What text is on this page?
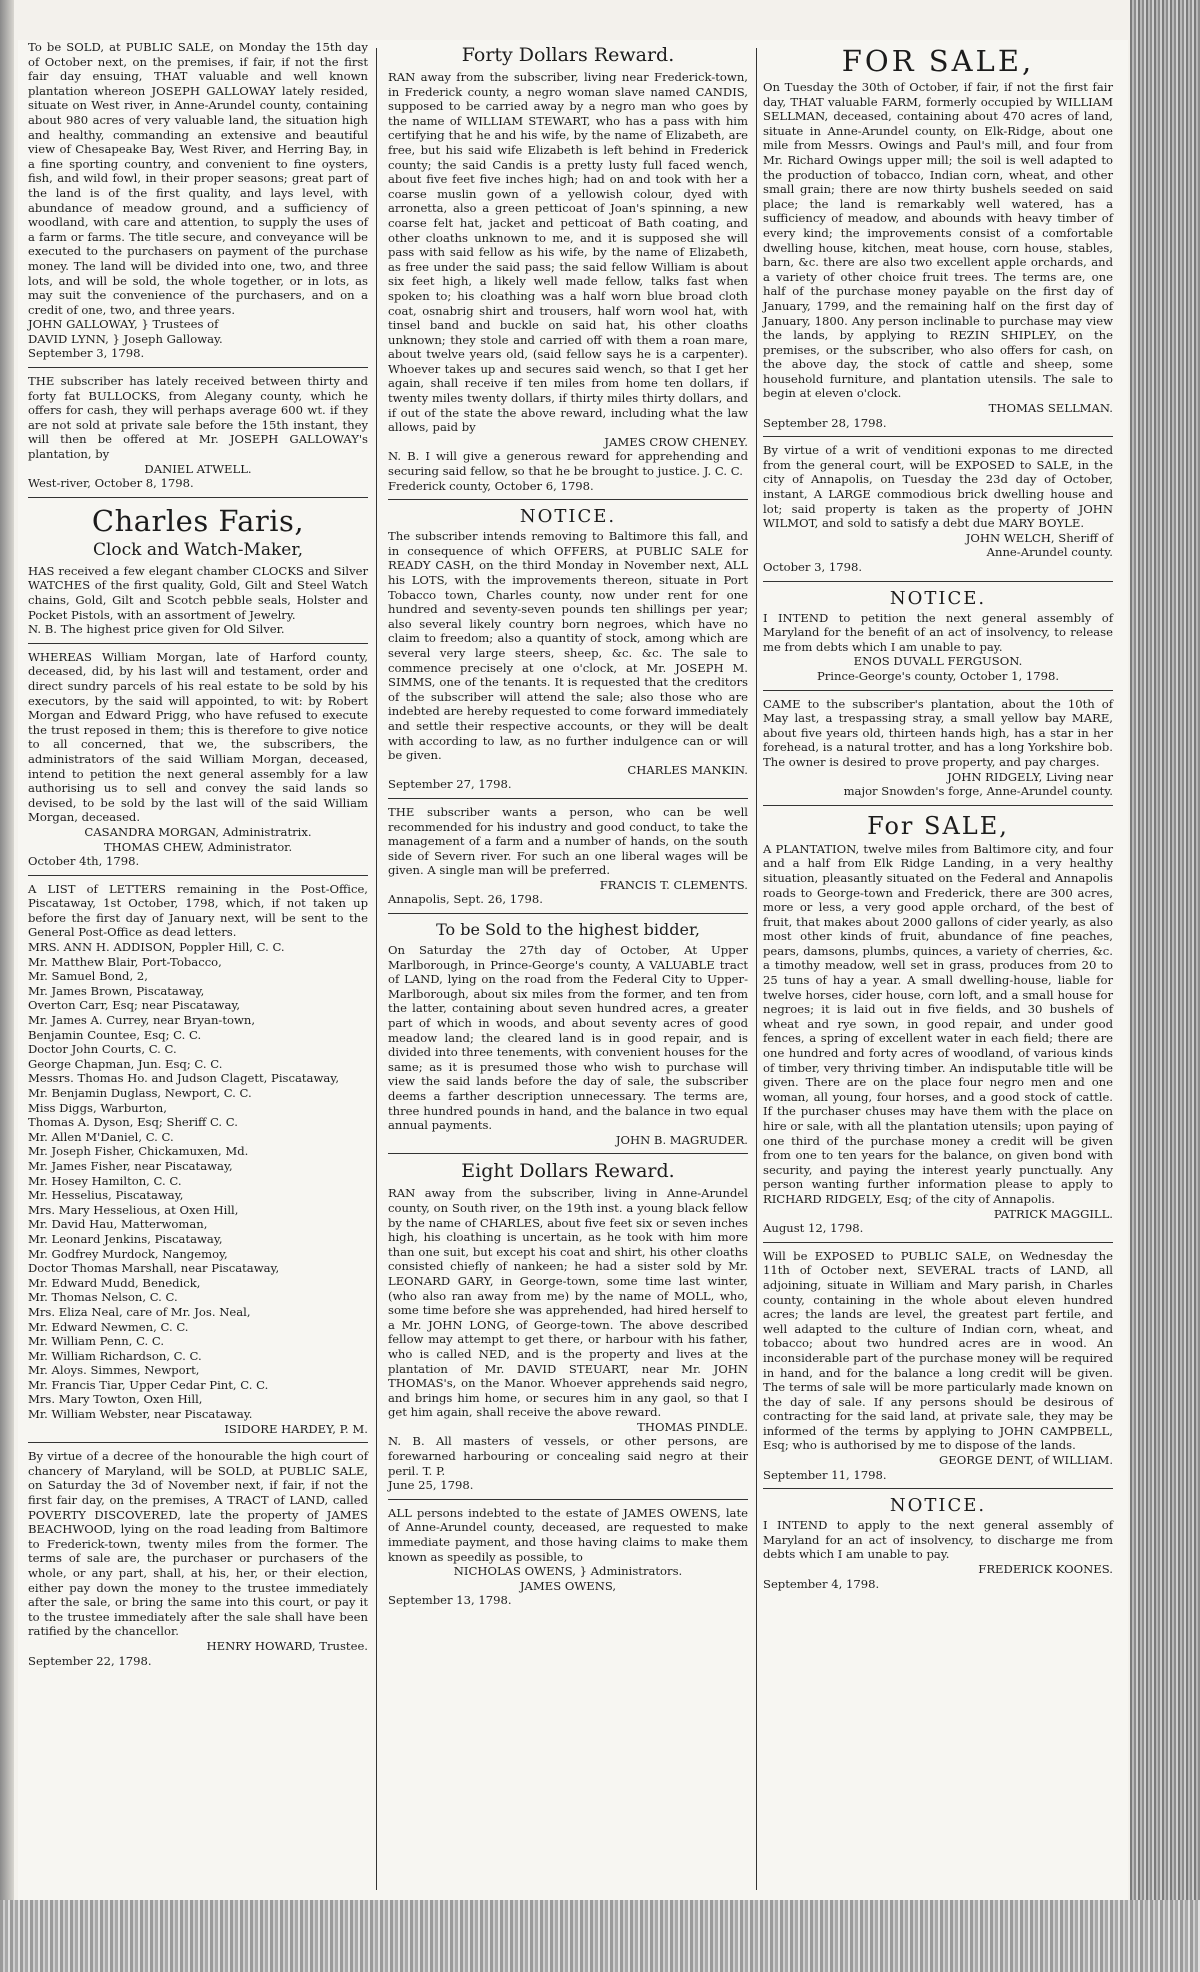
To be SOLD, at PUBLIC SALE, on Monday the 15th day of October next, on the premises, if fair, if not the first fair day ensuing, THAT valuable and well known plantation whereon JOSEPH GALLOWAY lately resided, situate on West river, in Anne-Arundel county, containing about 980 acres of very valuable land, the situation high and healthy, commanding an extensive and beautiful view of Chesapeake Bay, West River, and Herring Bay, in a fine sporting country, and convenient to fine oysters, fish, and wild fowl, in their proper seasons; great part of the land is of the first quality, and lays level, with abundance of meadow ground, and a sufficiency of woodland, with care and attention, to supply the uses of a farm or farms. The title secure, and conveyance will be executed to the purchasers on payment of the purchase money. The land will be divided into one, two, and three lots, and will be sold, the whole together, or in lots, as may suit the convenience of the purchasers, and on a credit of one, two, and three years.

JOHN GALLOWAY, } Trustees of

DAVID LYNN, } Joseph Galloway.

September 3, 1798.

THE subscriber has lately received between thirty and forty fat BULLOCKS, from Alegany county, which he offers for cash, they will perhaps average 600 wt. if they are not sold at private sale before the 15th instant, they will then be offered at Mr. JOSEPH GALLOWAY's plantation, by

DANIEL ATWELL.

West-river, October 8, 1798.

Charles Faris,
Clock and Watch-Maker,

HAS received a few elegant chamber CLOCKS and Silver WATCHES of the first quality, Gold, Gilt and Steel Watch chains, Gold, Gilt and Scotch pebble seals, Holster and Pocket Pistols, with an assortment of Jewelry.

N. B. The highest price given for Old Silver.

WHEREAS William Morgan, late of Harford county, deceased, did, by his last will and testament, order and direct sundry parcels of his real estate to be sold by his executors, by the said will appointed, to wit: by Robert Morgan and Edward Prigg, who have refused to execute the trust reposed in them; this is therefore to give notice to all concerned, that we, the subscribers, the administrators of the said William Morgan, deceased, intend to petition the next general assembly for a law authorising us to sell and convey the said lands so devised, to be sold by the last will of the said William Morgan, deceased.

CASANDRA MORGAN, Administratrix.

THOMAS CHEW, Administrator.

October 4th, 1798.

A LIST of LETTERS remaining in the Post-Office, Piscataway, 1st October, 1798, which, if not taken up before the first day of January next, will be sent to the General Post-Office as dead letters.

MRS. ANN H. ADDISON, Poppler Hill, C. C.

Mr. Matthew Blair, Port-Tobacco,

Mr. Samuel Bond, 2,

Mr. James Brown, Piscataway,

Overton Carr, Esq; near Piscataway,

Mr. James A. Currey, near Bryan-town,

Benjamin Countee, Esq; C. C.

Doctor John Courts, C. C.

George Chapman, Jun. Esq; C. C.

Messrs. Thomas Ho. and Judson Clagett, Piscataway,

Mr. Benjamin Duglass, Newport, C. C.

Miss Diggs, Warburton,

Thomas A. Dyson, Esq; Sheriff C. C.

Mr. Allen M'Daniel, C. C.

Mr. Joseph Fisher, Chickamuxen, Md.

Mr. James Fisher, near Piscataway,

Mr. Hosey Hamilton, C. C.

Mr. Hesselius, Piscataway,

Mrs. Mary Hesselious, at Oxen Hill,

Mr. David Hau, Matterwoman,

Mr. Leonard Jenkins, Piscataway,

Mr. Godfrey Murdock, Nangemoy,

Doctor Thomas Marshall, near Piscataway,

Mr. Edward Mudd, Benedick,

Mr. Thomas Nelson, C. C.

Mrs. Eliza Neal, care of Mr. Jos. Neal,

Mr. Edward Newmen, C. C.

Mr. William Penn, C. C.

Mr. William Richardson, C. C.

Mr. Aloys. Simmes, Newport,

Mr. Francis Tiar, Upper Cedar Pint, C. C.

Mrs. Mary Towton, Oxen Hill,

Mr. William Webster, near Piscataway.

ISIDORE HARDEY, P. M.

By virtue of a decree of the honourable the high court of chancery of Maryland, will be SOLD, at PUBLIC SALE, on Saturday the 3d of November next, if fair, if not the first fair day, on the premises, A TRACT of LAND, called POVERTY DISCOVERED, late the property of JAMES BEACHWOOD, lying on the road leading from Baltimore to Frederick-town, twenty miles from the former. The terms of sale are, the purchaser or purchasers of the whole, or any part, shall, at his, her, or their election, either pay down the money to the trustee immediately after the sale, or bring the same into this court, or pay it to the trustee immediately after the sale shall have been ratified by the chancellor.

HENRY HOWARD, Trustee.

September 22, 1798.

Forty Dollars Reward.

RAN away from the subscriber, living near Frederick-town, in Frederick county, a negro woman slave named CANDIS, supposed to be carried away by a negro man who goes by the name of WILLIAM STEWART, who has a pass with him certifying that he and his wife, by the name of Elizabeth, are free, but his said wife Elizabeth is left behind in Frederick county; the said Candis is a pretty lusty full faced wench, about five feet five inches high; had on and took with her a coarse muslin gown of a yellowish colour, dyed with arronetta, also a green petticoat of Joan's spinning, a new coarse felt hat, jacket and petticoat of Bath coating, and other cloaths unknown to me, and it is supposed she will pass with said fellow as his wife, by the name of Elizabeth, as free under the said pass; the said fellow William is about six feet high, a likely well made fellow, talks fast when spoken to; his cloathing was a half worn blue broad cloth coat, osnabrig shirt and trousers, half worn wool hat, with tinsel band and buckle on said hat, his other cloaths unknown; they stole and carried off with them a roan mare, about twelve years old, (said fellow says he is a carpenter). Whoever takes up and secures said wench, so that I get her again, shall receive if ten miles from home ten dollars, if twenty miles twenty dollars, if thirty miles thirty dollars, and if out of the state the above reward, including what the law allows, paid by

JAMES CROW CHENEY.

N. B. I will give a generous reward for apprehending and securing said fellow, so that he be brought to justice. J. C. C.

Frederick county, October 6, 1798.

NOTICE.

The subscriber intends removing to Baltimore this fall, and in consequence of which OFFERS, at PUBLIC SALE for READY CASH, on the third Monday in November next, ALL his LOTS, with the improvements thereon, situate in Port Tobacco town, Charles county, now under rent for one hundred and seventy-seven pounds ten shillings per year; also several likely country born negroes, which have no claim to freedom; also a quantity of stock, among which are several very large steers, sheep, &c. &c. The sale to commence precisely at one o'clock, at Mr. JOSEPH M. SIMMS, one of the tenants. It is requested that the creditors of the subscriber will attend the sale; also those who are indebted are hereby requested to come forward immediately and settle their respective accounts, or they will be dealt with according to law, as no further indulgence can or will be given.

CHARLES MANKIN.

September 27, 1798.

THE subscriber wants a person, who can be well recommended for his industry and good conduct, to take the management of a farm and a number of hands, on the south side of Severn river. For such an one liberal wages will be given. A single man will be preferred.

FRANCIS T. CLEMENTS.

Annapolis, Sept. 26, 1798.

To be Sold to the highest bidder,

On Saturday the 27th day of October, At Upper Marlborough, in Prince-George's county, A VALUABLE tract of LAND, lying on the road from the Federal City to Upper-Marlborough, about six miles from the former, and ten from the latter, containing about seven hundred acres, a greater part of which in woods, and about seventy acres of good meadow land; the cleared land is in good repair, and is divided into three tenements, with convenient houses for the same; as it is presumed those who wish to purchase will view the said lands before the day of sale, the subscriber deems a farther description unnecessary. The terms are, three hundred pounds in hand, and the balance in two equal annual payments.

JOHN B. MAGRUDER.

Eight Dollars Reward.

RAN away from the subscriber, living in Anne-Arundel county, on South river, on the 19th inst. a young black fellow by the name of CHARLES, about five feet six or seven inches high, his cloathing is uncertain, as he took with him more than one suit, but except his coat and shirt, his other cloaths consisted chiefly of nankeen; he had a sister sold by Mr. LEONARD GARY, in George-town, some time last winter, (who also ran away from me) by the name of MOLL, who, some time before she was apprehended, had hired herself to a Mr. JOHN LONG, of George-town. The above described fellow may attempt to get there, or harbour with his father, who is called NED, and is the property and lives at the plantation of Mr. DAVID STEUART, near Mr. JOHN THOMAS's, on the Manor. Whoever apprehends said negro, and brings him home, or secures him in any gaol, so that I get him again, shall receive the above reward.

THOMAS PINDLE.

N. B. All masters of vessels, or other persons, are forewarned harbouring or concealing said negro at their peril. T. P.

June 25, 1798.

ALL persons indebted to the estate of JAMES OWENS, late of Anne-Arundel county, deceased, are requested to make immediate payment, and those having claims to make them known as speedily as possible, to

NICHOLAS OWENS, } Administrators.

JAMES OWENS,

September 13, 1798.

FOR SALE,

On Tuesday the 30th of October, if fair, if not the first fair day, THAT valuable FARM, formerly occupied by WILLIAM SELLMAN, deceased, containing about 470 acres of land, situate in Anne-Arundel county, on Elk-Ridge, about one mile from Messrs. Owings and Paul's mill, and four from Mr. Richard Owings upper mill; the soil is well adapted to the production of tobacco, Indian corn, wheat, and other small grain; there are now thirty bushels seeded on said place; the land is remarkably well watered, has a sufficiency of meadow, and abounds with heavy timber of every kind; the improvements consist of a comfortable dwelling house, kitchen, meat house, corn house, stables, barn, &c. there are also two excellent apple orchards, and a variety of other choice fruit trees. The terms are, one half of the purchase money payable on the first day of January, 1799, and the remaining half on the first day of January, 1800. Any person inclinable to purchase may view the lands, by applying to REZIN SHIPLEY, on the premises, or the subscriber, who also offers for cash, on the above day, the stock of cattle and sheep, some household furniture, and plantation utensils. The sale to begin at eleven o'clock.

THOMAS SELLMAN.

September 28, 1798.

By virtue of a writ of venditioni exponas to me directed from the general court, will be EXPOSED to SALE, in the city of Annapolis, on Tuesday the 23d day of October, instant, A LARGE commodious brick dwelling house and lot; said property is taken as the property of JOHN WILMOT, and sold to satisfy a debt due MARY BOYLE.

JOHN WELCH, Sheriff of

Anne-Arundel county.

October 3, 1798.

NOTICE.

I INTEND to petition the next general assembly of Maryland for the benefit of an act of insolvency, to release me from debts which I am unable to pay.

ENOS DUVALL FERGUSON.

Prince-George's county, October 1, 1798.

CAME to the subscriber's plantation, about the 10th of May last, a trespassing stray, a small yellow bay MARE, about five years old, thirteen hands high, has a star in her forehead, is a natural trotter, and has a long Yorkshire bob. The owner is desired to prove property, and pay charges.

JOHN RIDGELY, Living near

major Snowden's forge, Anne-Arundel county.

For SALE,

A PLANTATION, twelve miles from Baltimore city, and four and a half from Elk Ridge Landing, in a very healthy situation, pleasantly situated on the Federal and Annapolis roads to George-town and Frederick, there are 300 acres, more or less, a very good apple orchard, of the best of fruit, that makes about 2000 gallons of cider yearly, as also most other kinds of fruit, abundance of fine peaches, pears, damsons, plumbs, quinces, a variety of cherries, &c. a timothy meadow, well set in grass, produces from 20 to 25 tuns of hay a year. A small dwelling-house, liable for twelve horses, cider house, corn loft, and a small house for negroes; it is laid out in five fields, and 30 bushels of wheat and rye sown, in good repair, and under good fences, a spring of excellent water in each field; there are one hundred and forty acres of woodland, of various kinds of timber, very thriving timber. An indisputable title will be given. There are on the place four negro men and one woman, all young, four horses, and a good stock of cattle. If the purchaser chuses may have them with the place on hire or sale, with all the plantation utensils; upon paying of one third of the purchase money a credit will be given from one to ten years for the balance, on given bond with security, and paying the interest yearly punctually. Any person wanting further information please to apply to RICHARD RIDGELY, Esq; of the city of Annapolis.

PATRICK MAGGILL.

August 12, 1798.

Will be EXPOSED to PUBLIC SALE, on Wednesday the 11th of October next, SEVERAL tracts of LAND, all adjoining, situate in William and Mary parish, in Charles county, containing in the whole about eleven hundred acres; the lands are level, the greatest part fertile, and well adapted to the culture of Indian corn, wheat, and tobacco; about two hundred acres are in wood. An inconsiderable part of the purchase money will be required in hand, and for the balance a long credit will be given. The terms of sale will be more particularly made known on the day of sale. If any persons should be desirous of contracting for the said land, at private sale, they may be informed of the terms by applying to JOHN CAMPBELL, Esq; who is authorised by me to dispose of the lands.

GEORGE DENT, of WILLIAM.

September 11, 1798.

NOTICE.

I INTEND to apply to the next general assembly of Maryland for an act of insolvency, to discharge me from debts which I am unable to pay.

FREDERICK KOONES.

September 4, 1798.
